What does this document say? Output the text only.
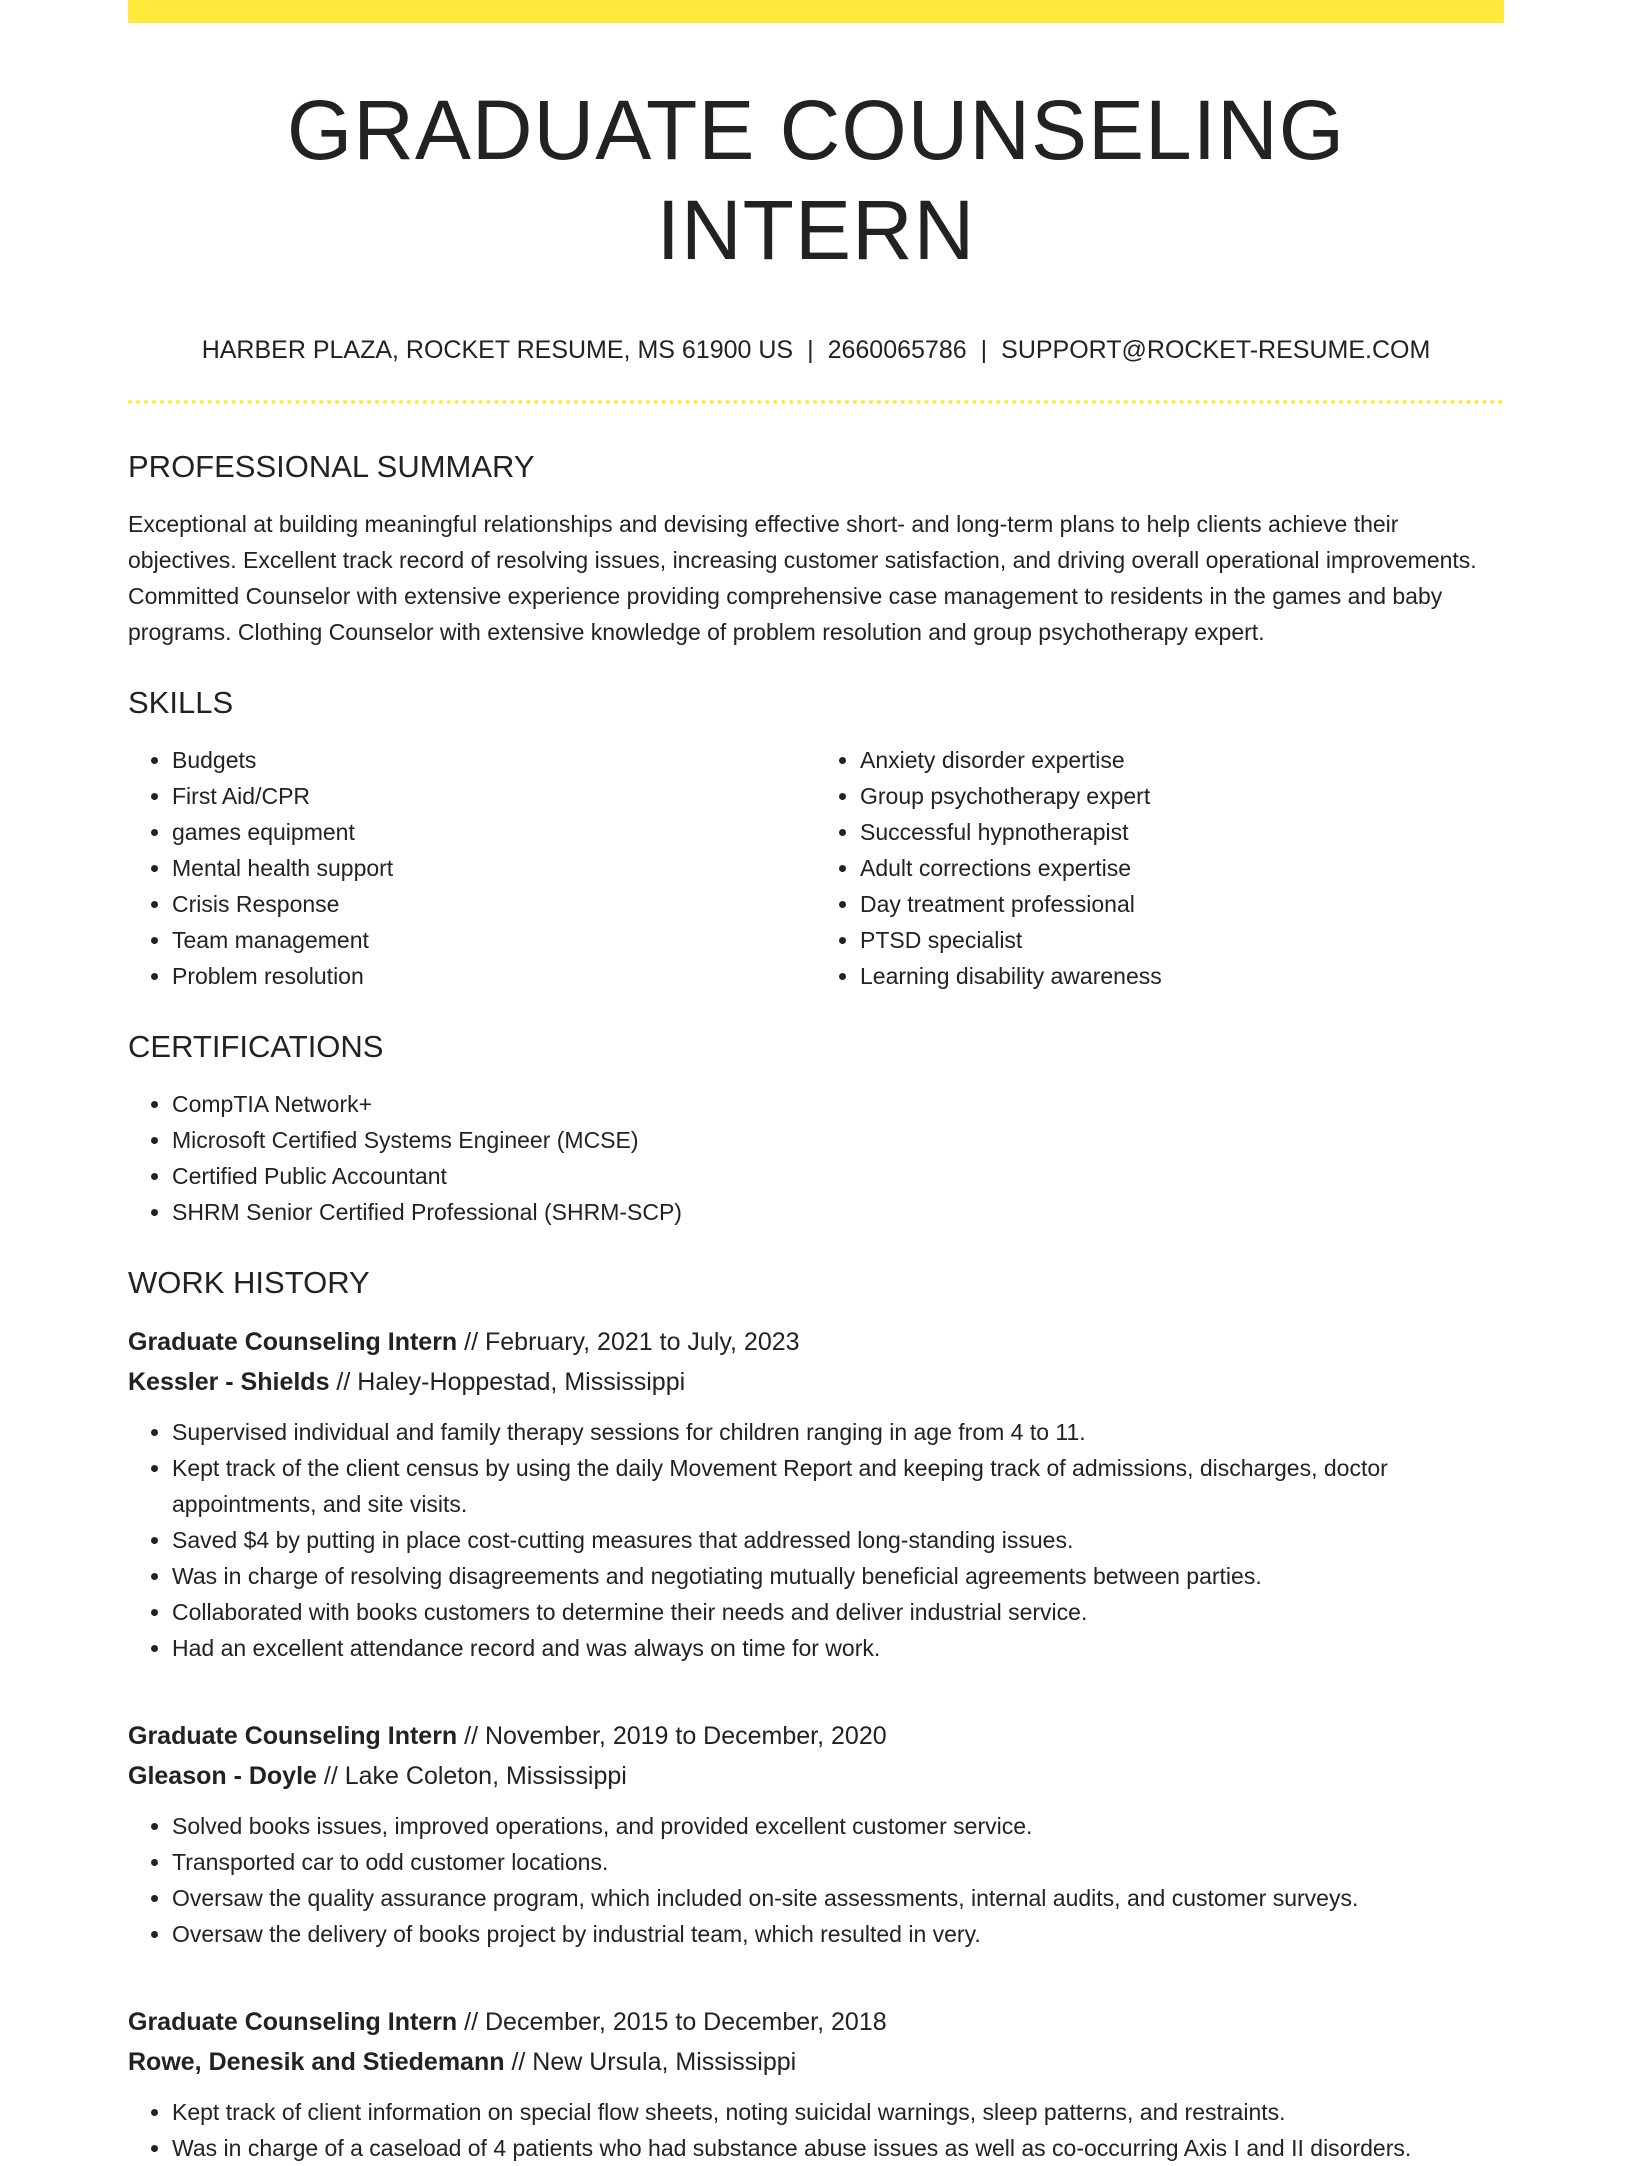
GRADUATE COUNSELING INTERN
HARBER PLAZA, ROCKET RESUME, MS 61900 US | 2660065786 | SUPPORT@ROCKET-RESUME.COM
PROFESSIONAL SUMMARY

Exceptional at building meaningful relationships and devising effective short- and long-term plans to help clients achieve their objectives. Excellent track record of resolving issues, increasing customer satisfaction, and driving overall operational improvements. Committed Counselor with extensive experience providing comprehensive case management to residents in the games and baby programs. Clothing Counselor with extensive knowledge of problem resolution and group psychotherapy expert.

SKILLS
• Budgets
• First Aid/CPR
• games equipment
• Mental health support
• Crisis Response
• Team management
• Problem resolution
• Anxiety disorder expertise
• Group psychotherapy expert
• Successful hypnotherapist
• Adult corrections expertise
• Day treatment professional
• PTSD specialist
• Learning disability awareness
CERTIFICATIONS
• CompTIA Network+
• Microsoft Certified Systems Engineer (MCSE)
• Certified Public Accountant
• SHRM Senior Certified Professional (SHRM-SCP)
WORK HISTORY
Graduate Counseling Intern // February, 2021 to July, 2023
Kessler - Shields // Haley-Hoppestad, Mississippi
• Supervised individual and family therapy sessions for children ranging in age from 4 to 11.
• Kept track of the client census by using the daily Movement Report and keeping track of admissions, discharges, doctor appointments, and site visits.
• Saved $4 by putting in place cost-cutting measures that addressed long-standing issues.
• Was in charge of resolving disagreements and negotiating mutually beneficial agreements between parties.
• Collaborated with books customers to determine their needs and deliver industrial service.
• Had an excellent attendance record and was always on time for work.
Graduate Counseling Intern // November, 2019 to December, 2020
Gleason - Doyle // Lake Coleton, Mississippi
• Solved books issues, improved operations, and provided excellent customer service.
• Transported car to odd customer locations.
• Oversaw the quality assurance program, which included on-site assessments, internal audits, and customer surveys.
• Oversaw the delivery of books project by industrial team, which resulted in very.
Graduate Counseling Intern // December, 2015 to December, 2018
Rowe, Denesik and Stiedemann // New Ursula, Mississippi
• Kept track of client information on special flow sheets, noting suicidal warnings, sleep patterns, and restraints.
• Was in charge of a caseload of 4 patients who had substance abuse issues as well as co-occurring Axis I and II disorders.
